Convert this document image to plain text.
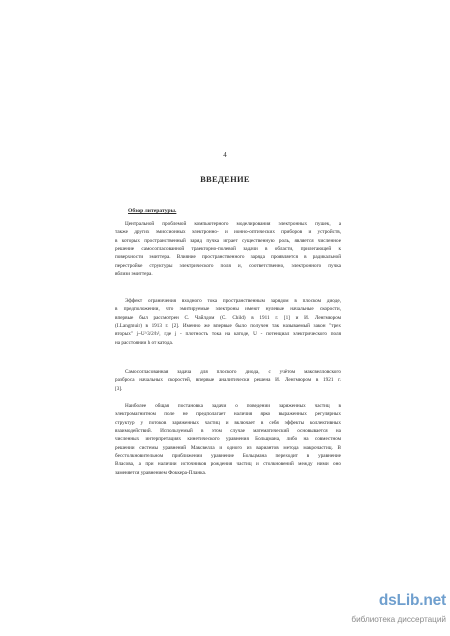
4
ВВЕДЕНИЕ
Обзор литературы.
Центральной проблемой компьютерного моделирования электронных пушек, а
также других эмиссионных электронно- и ионно-оптических приборов и устройств,
в которых пространственный заряд пучка играет существенную роль, является численное
решение самосогласованной траекторно-полевой задачи в области, прилегающей к
поверхности эмиттера. Влияние пространственного заряда проявляется в радикальной
перестройке структуры электрического поля и, соответственно, электронного пучка
вблизи эмиттера.
Эффект ограничения входного тока пространственным зарядом в плоском диоде,
в предположении, что эмитируемые электроны имеют нулевые начальные скорости,
впервые был рассмотрен С. Чайлдом (С. Child) в 1911 г. [1] и И. Ленгмюром
(I.Langmuir) в 1913 г. [2]. Именно же впервые было получен так называемый закон "трех
вторых" j~U^3/2/h², где j - плотность тока на катоде, U - потенциал электрического поля
на расстоянии h от катода.
Самосогласованная задача для плоского диода, с учётом максвелловского
разброса начальных скоростей, впервые аналитически решена И. Ленгмюром в 1921 г.
[3].
Наиболее общая постановка задачи о поведении заряженных частиц в
электромагнитном поле не предполагает наличия ярко выраженных регулярных
структур у потоков заряженных частиц и включает в себя эффекты коллективных
взаимодействий. Используемый в этом случае математический основывается на
численных интерпретациях кинетического уравнения Больцмана, либо на совместном
решении системы уравнений Максвелла и одного из вариантов метода макрочастиц. В
бесстолкновительном приближении уравнение Больцмана переходит в уравнение
Власова, а при наличии источников рождения частиц и столкновений между ними оно
заменяется уравнением Фоккера-Планка.
dsLib.net
библиотека диссертаций
